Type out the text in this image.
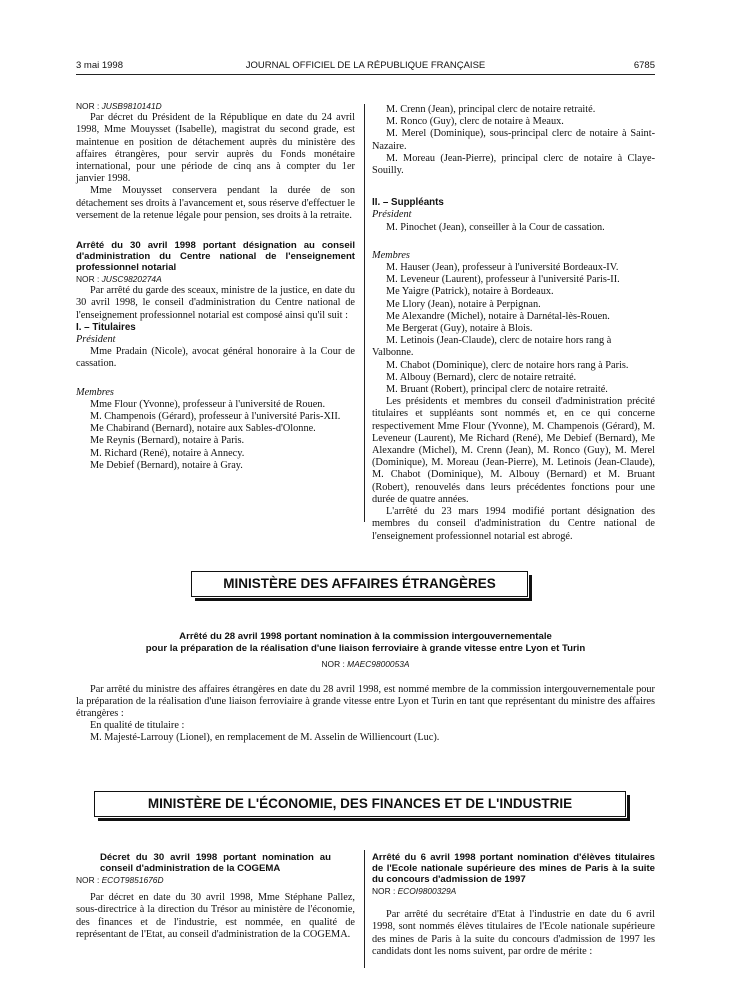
3 mai 1998	JOURNAL OFFICIEL DE LA RÉPUBLIQUE FRANÇAISE	6785

NOR : JUSB9810141D

Par décret du Président de la République en date du 24 avril 1998, Mme Mouysset (Isabelle), magistrat du second grade, est maintenue en position de détachement auprès du ministère des affaires étrangères, pour servir auprès du Fonds monétaire international, pour une période de cinq ans à compter du 1er janvier 1998.

Mme Mouysset conservera pendant la durée de son détachement ses droits à l'avancement et, sous réserve d'effectuer le versement de la retenue légale pour pension, ses droits à la retraite.

Arrêté du 30 avril 1998 portant désignation au conseil d'administration du Centre national de l'enseignement professionnel notarial

NOR : JUSC9820274A

Par arrêté du garde des sceaux, ministre de la justice, en date du 30 avril 1998, le conseil d'administration du Centre national de l'enseignement professionnel notarial est composé ainsi qu'il suit :

I. – Titulaires

Président

Mme Pradain (Nicole), avocat général honoraire à la Cour de cassation.

Membres

Mme Flour (Yvonne), professeur à l'université de Rouen.

M. Champenois (Gérard), professeur à l'université Paris-XII.

Me Chabirand (Bernard), notaire aux Sables-d'Olonne.

Me Reynis (Bernard), notaire à Paris.

M. Richard (René), notaire à Annecy.

Me Debief (Bernard), notaire à Gray.

M. Crenn (Jean), principal clerc de notaire retraité.

M. Ronco (Guy), clerc de notaire à Meaux.

M. Merel (Dominique), sous-principal clerc de notaire à Saint-Nazaire.

M. Moreau (Jean-Pierre), principal clerc de notaire à Claye-Souilly.

II. – Suppléants

Président

M. Pinochet (Jean), conseiller à la Cour de cassation.

Membres

M. Hauser (Jean), professeur à l'université Bordeaux-IV.

M. Leveneur (Laurent), professeur à l'université Paris-II.

Me Yaigre (Patrick), notaire à Bordeaux.

Me Llory (Jean), notaire à Perpignan.

Me Alexandre (Michel), notaire à Darnétal-lès-Rouen.

Me Bergerat (Guy), notaire à Blois.

M. Letinois (Jean-Claude), clerc de notaire hors rang à Valbonne.

M. Chabot (Dominique), clerc de notaire hors rang à Paris.

M. Albouy (Bernard), clerc de notaire retraité.

M. Bruant (Robert), principal clerc de notaire retraité.

Les présidents et membres du conseil d'administration précité titulaires et suppléants sont nommés et, en ce qui concerne respectivement Mme Flour (Yvonne), M. Champenois (Gérard), M. Leveneur (Laurent), Me Richard (René), Me Debief (Bernard), Me Alexandre (Michel), M. Crenn (Jean), M. Ronco (Guy), M. Merel (Dominique), M. Moreau (Jean-Pierre), M. Letinois (Jean-Claude), M. Chabot (Dominique), M. Albouy (Bernard) et M. Bruant (Robert), renouvelés dans leurs précédentes fonctions pour une durée de quatre années.

L'arrêté du 23 mars 1994 modifié portant désignation des membres du conseil d'administration du Centre national de l'enseignement professionnel notarial est abrogé.

MINISTÈRE DES AFFAIRES ÉTRANGÈRES
Arrêté du 28 avril 1998 portant nomination à la commission intergouvernementale
pour la préparation de la réalisation d'une liaison ferroviaire à grande vitesse entre Lyon et Turin
NOR : MAEC9800053A

Par arrêté du ministre des affaires étrangères en date du 28 avril 1998, est nommé membre de la commission intergouvernementale pour la préparation de la réalisation d'une liaison ferroviaire à grande vitesse entre Lyon et Turin en tant que représentant du ministre des affaires étrangères :

En qualité de titulaire :

M. Majesté-Larrouy (Lionel), en remplacement de M. Asselin de Williencourt (Luc).

MINISTÈRE DE L'ÉCONOMIE, DES FINANCES ET DE L'INDUSTRIE

Décret du 30 avril 1998 portant nomination au conseil d'administration de la COGEMA

NOR : ECOT9851676D

Par décret en date du 30 avril 1998, Mme Stéphane Pallez, sous-directrice à la direction du Trésor au ministère de l'économie, des finances et de l'industrie, est nommée, en qualité de représentant de l'Etat, au conseil d'administration de la COGEMA.

Arrêté du 6 avril 1998 portant nomination d'élèves titulaires de l'Ecole nationale supérieure des mines de Paris à la suite du concours d'admission de 1997

NOR : ECOI9800329A

Par arrêté du secrétaire d'Etat à l'industrie en date du 6 avril 1998, sont nommés élèves titulaires de l'Ecole nationale supérieure des mines de Paris à la suite du concours d'admission de 1997 les candidats dont les noms suivent, par ordre de mérite :
